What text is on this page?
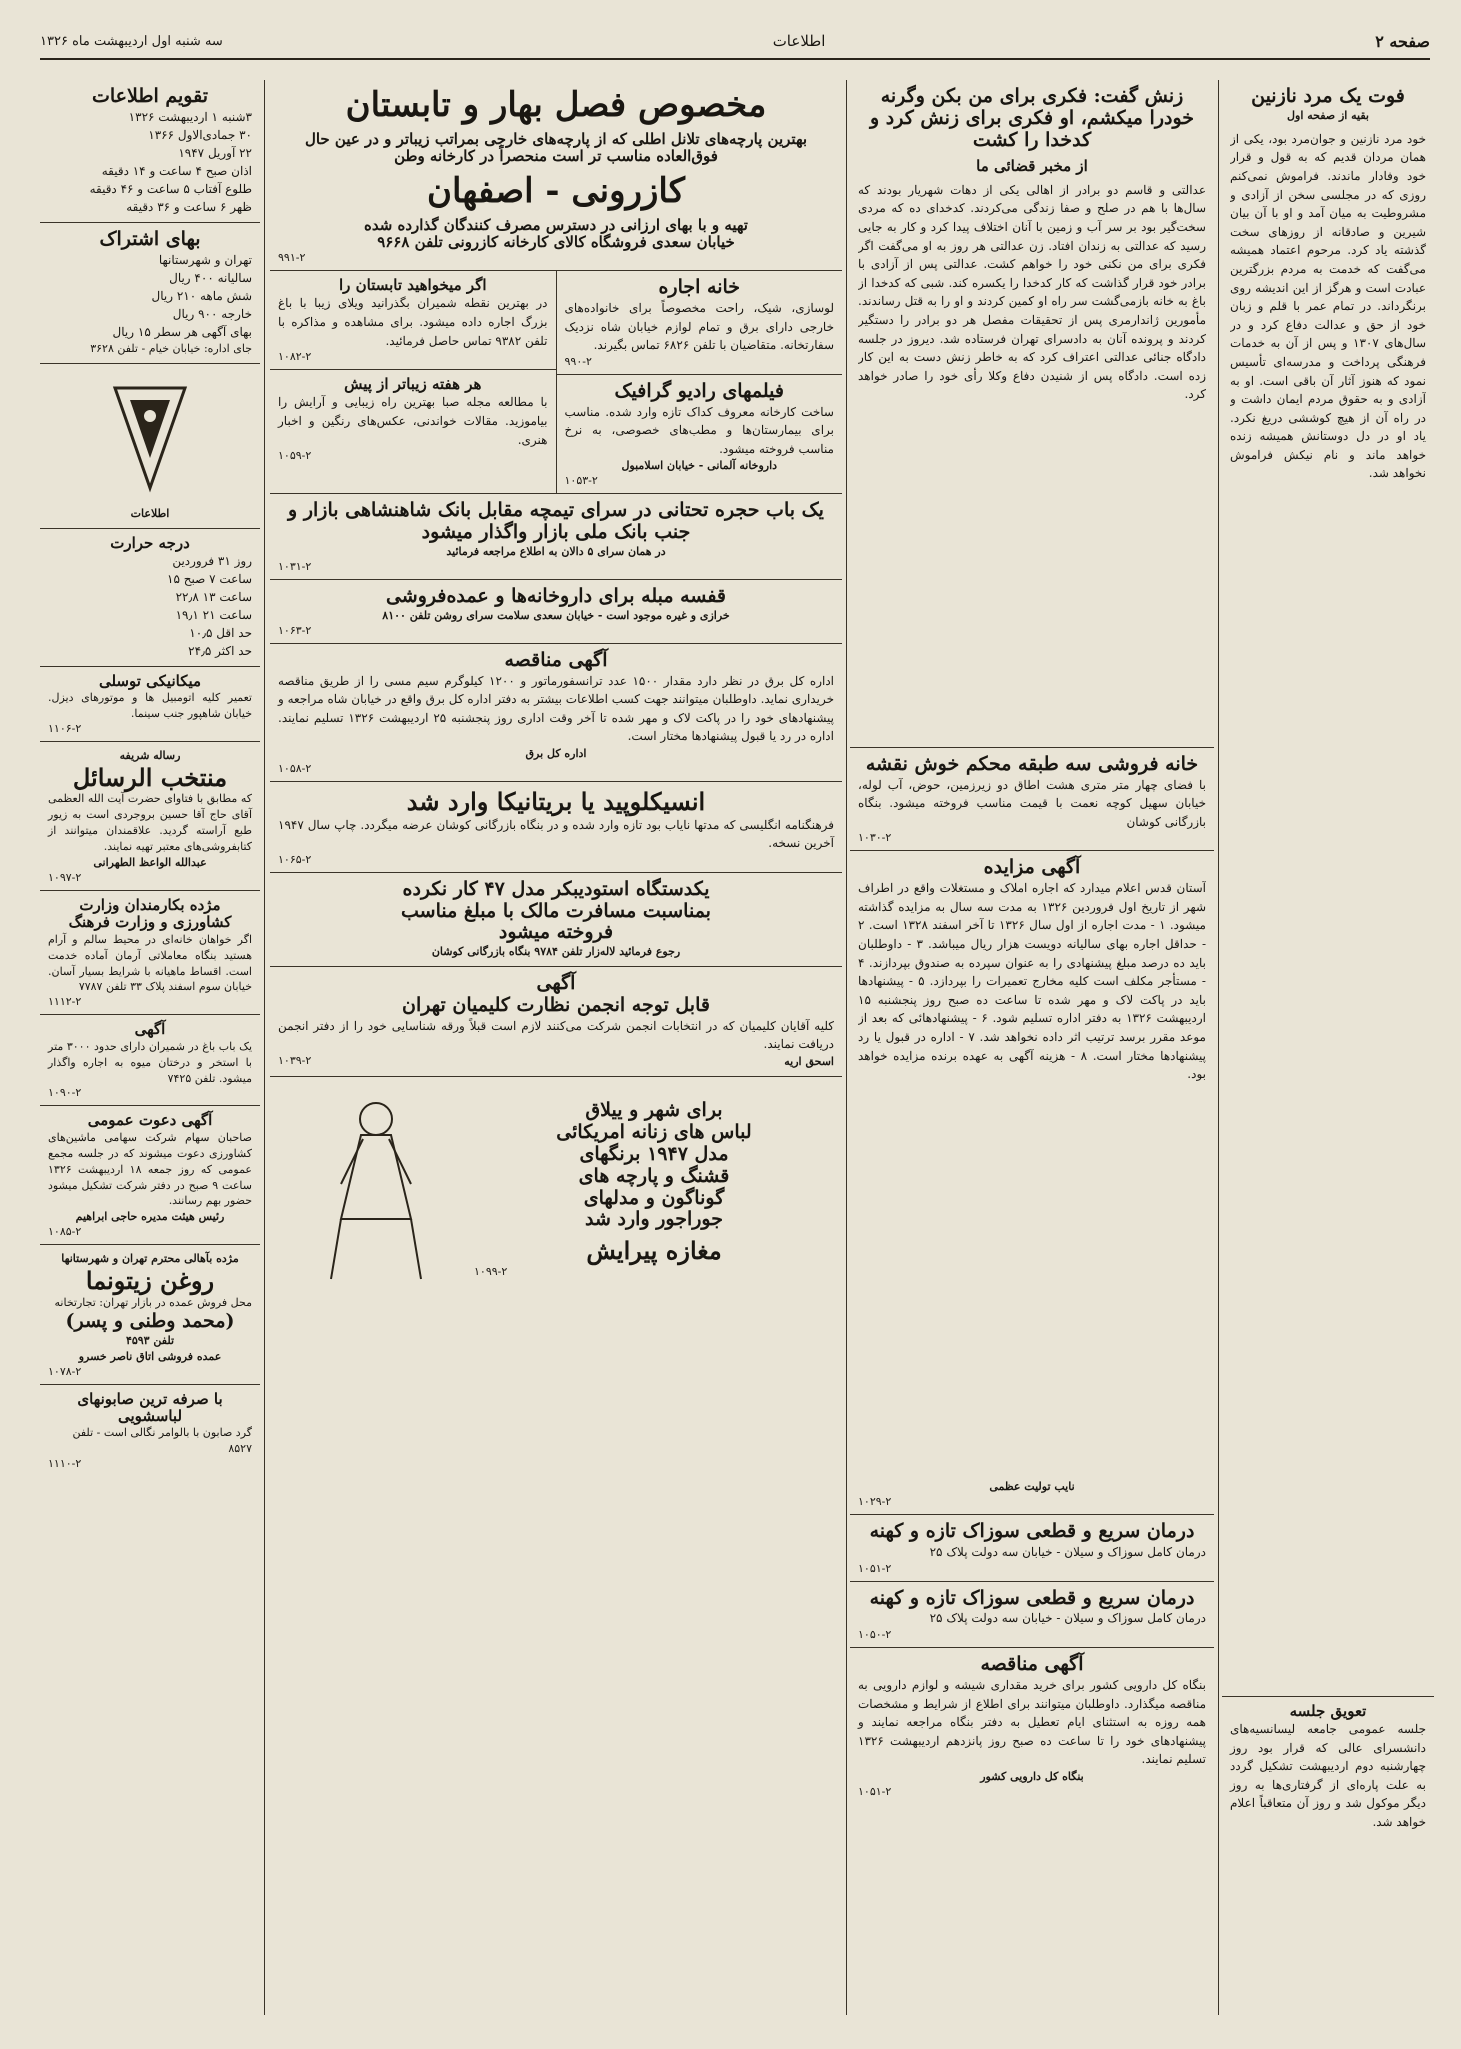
صفحه ۲
اطلاعات
سه شنبه اول اردیبهشت ماه ۱۳۲۶
فوت یک مرد نازنین
بقیه از صفحه اول
خود مرد نازنین و جوان‌مرد بود، یکی از همان مردان قدیم که به قول و قرار خود وفادار ماندند. فراموش نمی‌کنم روزی که در مجلسی سخن از آزادی و مشروطیت به میان آمد و او با آن بیان شیرین و صادقانه از روزهای سخت گذشته یاد کرد. مرحوم اعتماد همیشه می‌گفت که خدمت به مردم بزرگترین عبادت است و هرگز از این اندیشه روی برنگرداند. در تمام عمر با قلم و زبان خود از حق و عدالت دفاع کرد و در سال‌های ۱۳۰۷ و پس از آن به خدمات فرهنگی پرداخت و مدرسه‌ای تأسیس نمود که هنوز آثار آن باقی است. او به آزادی و به حقوق مردم ایمان داشت و در راه آن از هیچ کوششی دریغ نکرد. یاد او در دل دوستانش همیشه زنده خواهد ماند و نام نیکش فراموش نخواهد شد.
تعویق جلسه
جلسه عمومی جامعه لیسانسیه‌های دانشسرای عالی که قرار بود روز چهارشنبه دوم اردیبهشت تشکیل گردد به علت پاره‌ای از گرفتاری‌ها به روز دیگر موکول شد و روز آن متعاقباً اعلام خواهد شد.
زنش گفت: فکری برای من بکن وگرنه خودرا میکشم، او فکری برای زنش کرد و کدخدا را کشت
از مخبر قضائی ما
عدالتی و قاسم دو برادر از اهالی یکی از دهات شهریار بودند که سال‌ها با هم در صلح و صفا زندگی می‌کردند. کدخدای ده که مردی سخت‌گیر بود بر سر آب و زمین با آنان اختلاف پیدا کرد و کار به جایی رسید که عدالتی به زندان افتاد. زن عدالتی هر روز به او می‌گفت اگر فکری برای من نکنی خود را خواهم کشت. عدالتی پس از آزادی با برادر خود قرار گذاشت که کار کدخدا را یکسره کند. شبی که کدخدا از باغ به خانه بازمی‌گشت سر راه او کمین کردند و او را به قتل رساندند. مأمورین ژاندارمری پس از تحقیقات مفصل هر دو برادر را دستگیر کردند و پرونده آنان به دادسرای تهران فرستاده شد. دیروز در جلسه دادگاه جنائی عدالتی اعتراف کرد که به خاطر زنش دست به این کار زده است. دادگاه پس از شنیدن دفاع وکلا رأی خود را صادر خواهد کرد.
خانه فروشی سه طبقه محکم خوش نقشه
با فضای چهار متر متری هشت اطاق دو زیرزمین، حوض، آب لوله، خیابان سهیل کوچه نعمت با قیمت مناسب فروخته میشود. بنگاه بازرگانی کوشان
۱۰۳۰-۲
آگهی مزایده
آستان قدس اعلام میدارد که اجاره املاک و مستغلات واقع در اطراف شهر از تاریخ اول فروردین ۱۳۲۶ به مدت سه سال به مزایده گذاشته میشود. ۱ - مدت اجاره از اول سال ۱۳۲۶ تا آخر اسفند ۱۳۲۸ است. ۲ - حداقل اجاره بهای سالیانه دویست هزار ریال میباشد. ۳ - داوطلبان باید ده درصد مبلغ پیشنهادی را به عنوان سپرده به صندوق بپردازند. ۴ - مستأجر مکلف است کلیه مخارج تعمیرات را بپردازد. ۵ - پیشنهادها باید در پاکت لاک و مهر شده تا ساعت ده صبح روز پنجشنبه ۱۵ اردیبهشت ۱۳۲۶ به دفتر اداره تسلیم شود. ۶ - پیشنهادهائی که بعد از موعد مقرر برسد ترتیب اثر داده نخواهد شد. ۷ - اداره در قبول یا رد پیشنهادها مختار است. ۸ - هزینه آگهی به عهده برنده مزایده خواهد بود.
نایب تولیت عظمی
۱۰۲۹-۲
درمان سریع و قطعی سوزاک تازه و کهنه
درمان کامل سوزاک و سیلان - خیابان سه دولت پلاک ۲۵
۱۰۵۱-۲
درمان سریع و قطعی سوزاک تازه و کهنه
درمان کامل سوزاک و سیلان - خیابان سه دولت پلاک ۲۵
۱۰۵۰-۲
آگهی مناقصه
بنگاه کل دارویی کشور برای خرید مقداری شیشه و لوازم دارویی به مناقصه میگذارد. داوطلبان میتوانند برای اطلاع از شرایط و مشخصات همه روزه به استثنای ایام تعطیل به دفتر بنگاه مراجعه نمایند و پیشنهادهای خود را تا ساعت ده صبح روز پانزدهم اردیبهشت ۱۳۲۶ تسلیم نمایند.
بنگاه کل دارویی کشور
۱۰۵۱-۲
مخصوص فصل بهار و تابستان
بهترین پارچه‌های تلانل اطلی که از پارچه‌های خارجی بمراتب زیباتر و در عین حال فوق‌العاده مناسب تر است منحصراً در کارخانه وطن
کازرونی - اصفهان
تهیه و با بهای ارزانی در دسترس مصرف کنندگان گذارده شده
خیابان سعدی فروشگاه کالای کارخانه کازرونی تلفن ۹۶۶۸
۹۹۱-۲
خانه اجاره
لوسازی، شیک، راحت مخصوصاً برای خانواده‌های خارجی دارای برق و تمام لوازم خیابان شاه نزدیک سفارتخانه. متقاضیان با تلفن ۶۸۲۶ تماس بگیرند.
۹۹۰-۲
فیلمهای رادیو گرافیک
ساخت کارخانه معروف کداک تازه وارد شده. مناسب برای بیمارستان‌ها و مطب‌های خصوصی، به نرخ مناسب فروخته میشود.
داروخانه آلمانی - خیابان اسلامبول
۱۰۵۳-۲
اگر میخواهید تابستان را
در بهترین نقطه شمیران بگذرانید ویلای زیبا با باغ بزرگ اجاره داده میشود. برای مشاهده و مذاکره با تلفن ۹۳۸۲ تماس حاصل فرمائید.
۱۰۸۲-۲
هر هفته زیباتر از پیش
با مطالعه مجله صبا بهترین راه زیبایی و آرایش را بیاموزید. مقالات خواندنی، عکس‌های رنگین و اخبار هنری.
۱۰۵۹-۲
یک باب حجره تحتانی در سرای تیمچه مقابل بانک شاهنشاهی بازار و جنب بانک ملی بازار واگذار میشود
در همان سرای ۵ دالان به اطلاع مراجعه فرمائید
۱۰۳۱-۲
قفسه مبله برای داروخانه‌ها و عمده‌فروشی
خرازی و غیره موجود است - خیابان سعدی سلامت سرای روشن تلفن ۸۱۰۰
۱۰۶۳-۲
آگهی مناقصه
اداره کل برق در نظر دارد مقدار ۱۵۰۰ عدد ترانسفورماتور و ۱۲۰۰ کیلوگرم سیم مسی را از طریق مناقصه خریداری نماید. داوطلبان میتوانند جهت کسب اطلاعات بیشتر به دفتر اداره کل برق واقع در خیابان شاه مراجعه و پیشنهادهای خود را در پاکت لاک و مهر شده تا آخر وقت اداری روز پنجشنبه ۲۵ اردیبهشت ۱۳۲۶ تسلیم نمایند. اداره در رد یا قبول پیشنهادها مختار است.
اداره کل برق
۱۰۵۸-۲
انسیکلوپید یا بریتانیکا وارد شد
فرهنگنامه انگلیسی که مدتها نایاب بود تازه وارد شده و در بنگاه بازرگانی کوشان عرضه میگردد. چاپ سال ۱۹۴۷ آخرین نسخه.
۱۰۶۵-۲
یکدستگاه استودیبکر مدل ۴۷ کار نکرده
بمناسبت مسافرت مالک با مبلغ مناسب
فروخته میشود
رجوع فرمائید لاله‌زار تلفن ۹۷۸۴ بنگاه بازرگانی کوشان
آگهی
قابل توجه انجمن نظارت کلیمیان تهران
کلیه آقایان کلیمیان که در انتخابات انجمن شرکت می‌کنند لازم است قبلاً ورقه شناسایی خود را از دفتر انجمن دریافت نمایند.
اسحق اریه
۱۰۳۹-۲
برای شهر و ییلاق
لباس های زنانه امریکائی
مدل ۱۹۴۷ برنگهای
قشنگ و پارچه های
گوناگون و مدلهای
جوراجور وارد شد
مغازه پیرایش
۱۰۹۹-۲
تقویم اطلاعات
۳شنبه ۱ اردیبهشت ۱۳۲۶
۳۰ جمادی‌الاول ۱۳۶۶
۲۲ آوریل ۱۹۴۷
اذان صبح ۴ ساعت و ۱۴ دقیقه
طلوع آفتاب ۵ ساعت و ۴۶ دقیقه
ظهر ۶ ساعت و ۳۶ دقیقه
بهای اشتراک
تهران و شهرستانها
سالیانه ۴۰۰ ریال
شش ماهه ۲۱۰ ریال
خارجه ۹۰۰ ریال
بهای آگهی هر سطر ۱۵ ریال
جای اداره: خیابان خیام - تلفن ۳۶۲۸
اطلاعات
درجه حرارت
روز ۳۱ فروردین
ساعت ۷ صبح ۱۵
ساعت ۱۳ ۲۲٫۸
ساعت ۲۱ ۱۹٫۱
حد اقل ۱۰٫۵
حد اکثر ۲۴٫۵
میکانیکی توسلی
تعمیر کلیه اتومبیل ها و موتورهای دیزل. خیابان شاهپور جنب سینما.
۱۱۰۶-۲
رساله شریفه
منتخب الرسائل
که مطابق با فتاوای حضرت آیت الله العظمی آقای حاج آقا حسین بروجردی است به زیور طبع آراسته گردید. علاقمندان میتوانند از کتابفروشی‌های معتبر تهیه نمایند.
عبدالله الواعظ الطهرانی
۱۰۹۷-۲
مژده بکارمندان وزارت کشاورزی و وزارت فرهنگ
اگر خواهان خانه‌ای در محیط سالم و آرام هستید بنگاه معاملاتی آرمان آماده خدمت است. اقساط ماهیانه با شرایط بسیار آسان. خیابان سوم اسفند پلاک ۳۳ تلفن ۷۷۸۷
۱۱۱۲-۲
آگهی
یک باب باغ در شمیران دارای حدود ۳۰۰۰ متر با استخر و درختان میوه به اجاره واگذار میشود. تلفن ۷۴۲۵
۱۰۹۰-۲
آگهی دعوت عمومی
صاحبان سهام شرکت سهامی ماشین‌های کشاورزی دعوت میشوند که در جلسه مجمع عمومی که روز جمعه ۱۸ اردیبهشت ۱۳۲۶ ساعت ۹ صبح در دفتر شرکت تشکیل میشود حضور بهم رسانند.
رئیس هیئت مدیره حاجی ابراهیم
۱۰۸۵-۲
مژده بآهالی محترم تهران و شهرستانها
روغن زیتونما
محل فروش عمده در بازار تهران: تجارتخانه
(محمد وطنی و پسر)
تلفن ۴۵۹۳
عمده فروشی اتاق ناصر خسرو
۱۰۷۸-۲
با صرفه ترین صابونهای لباسشویی
گرد صابون با بالوامر نگالی است - تلفن ۸۵۲۷
۱۱۱۰-۲
